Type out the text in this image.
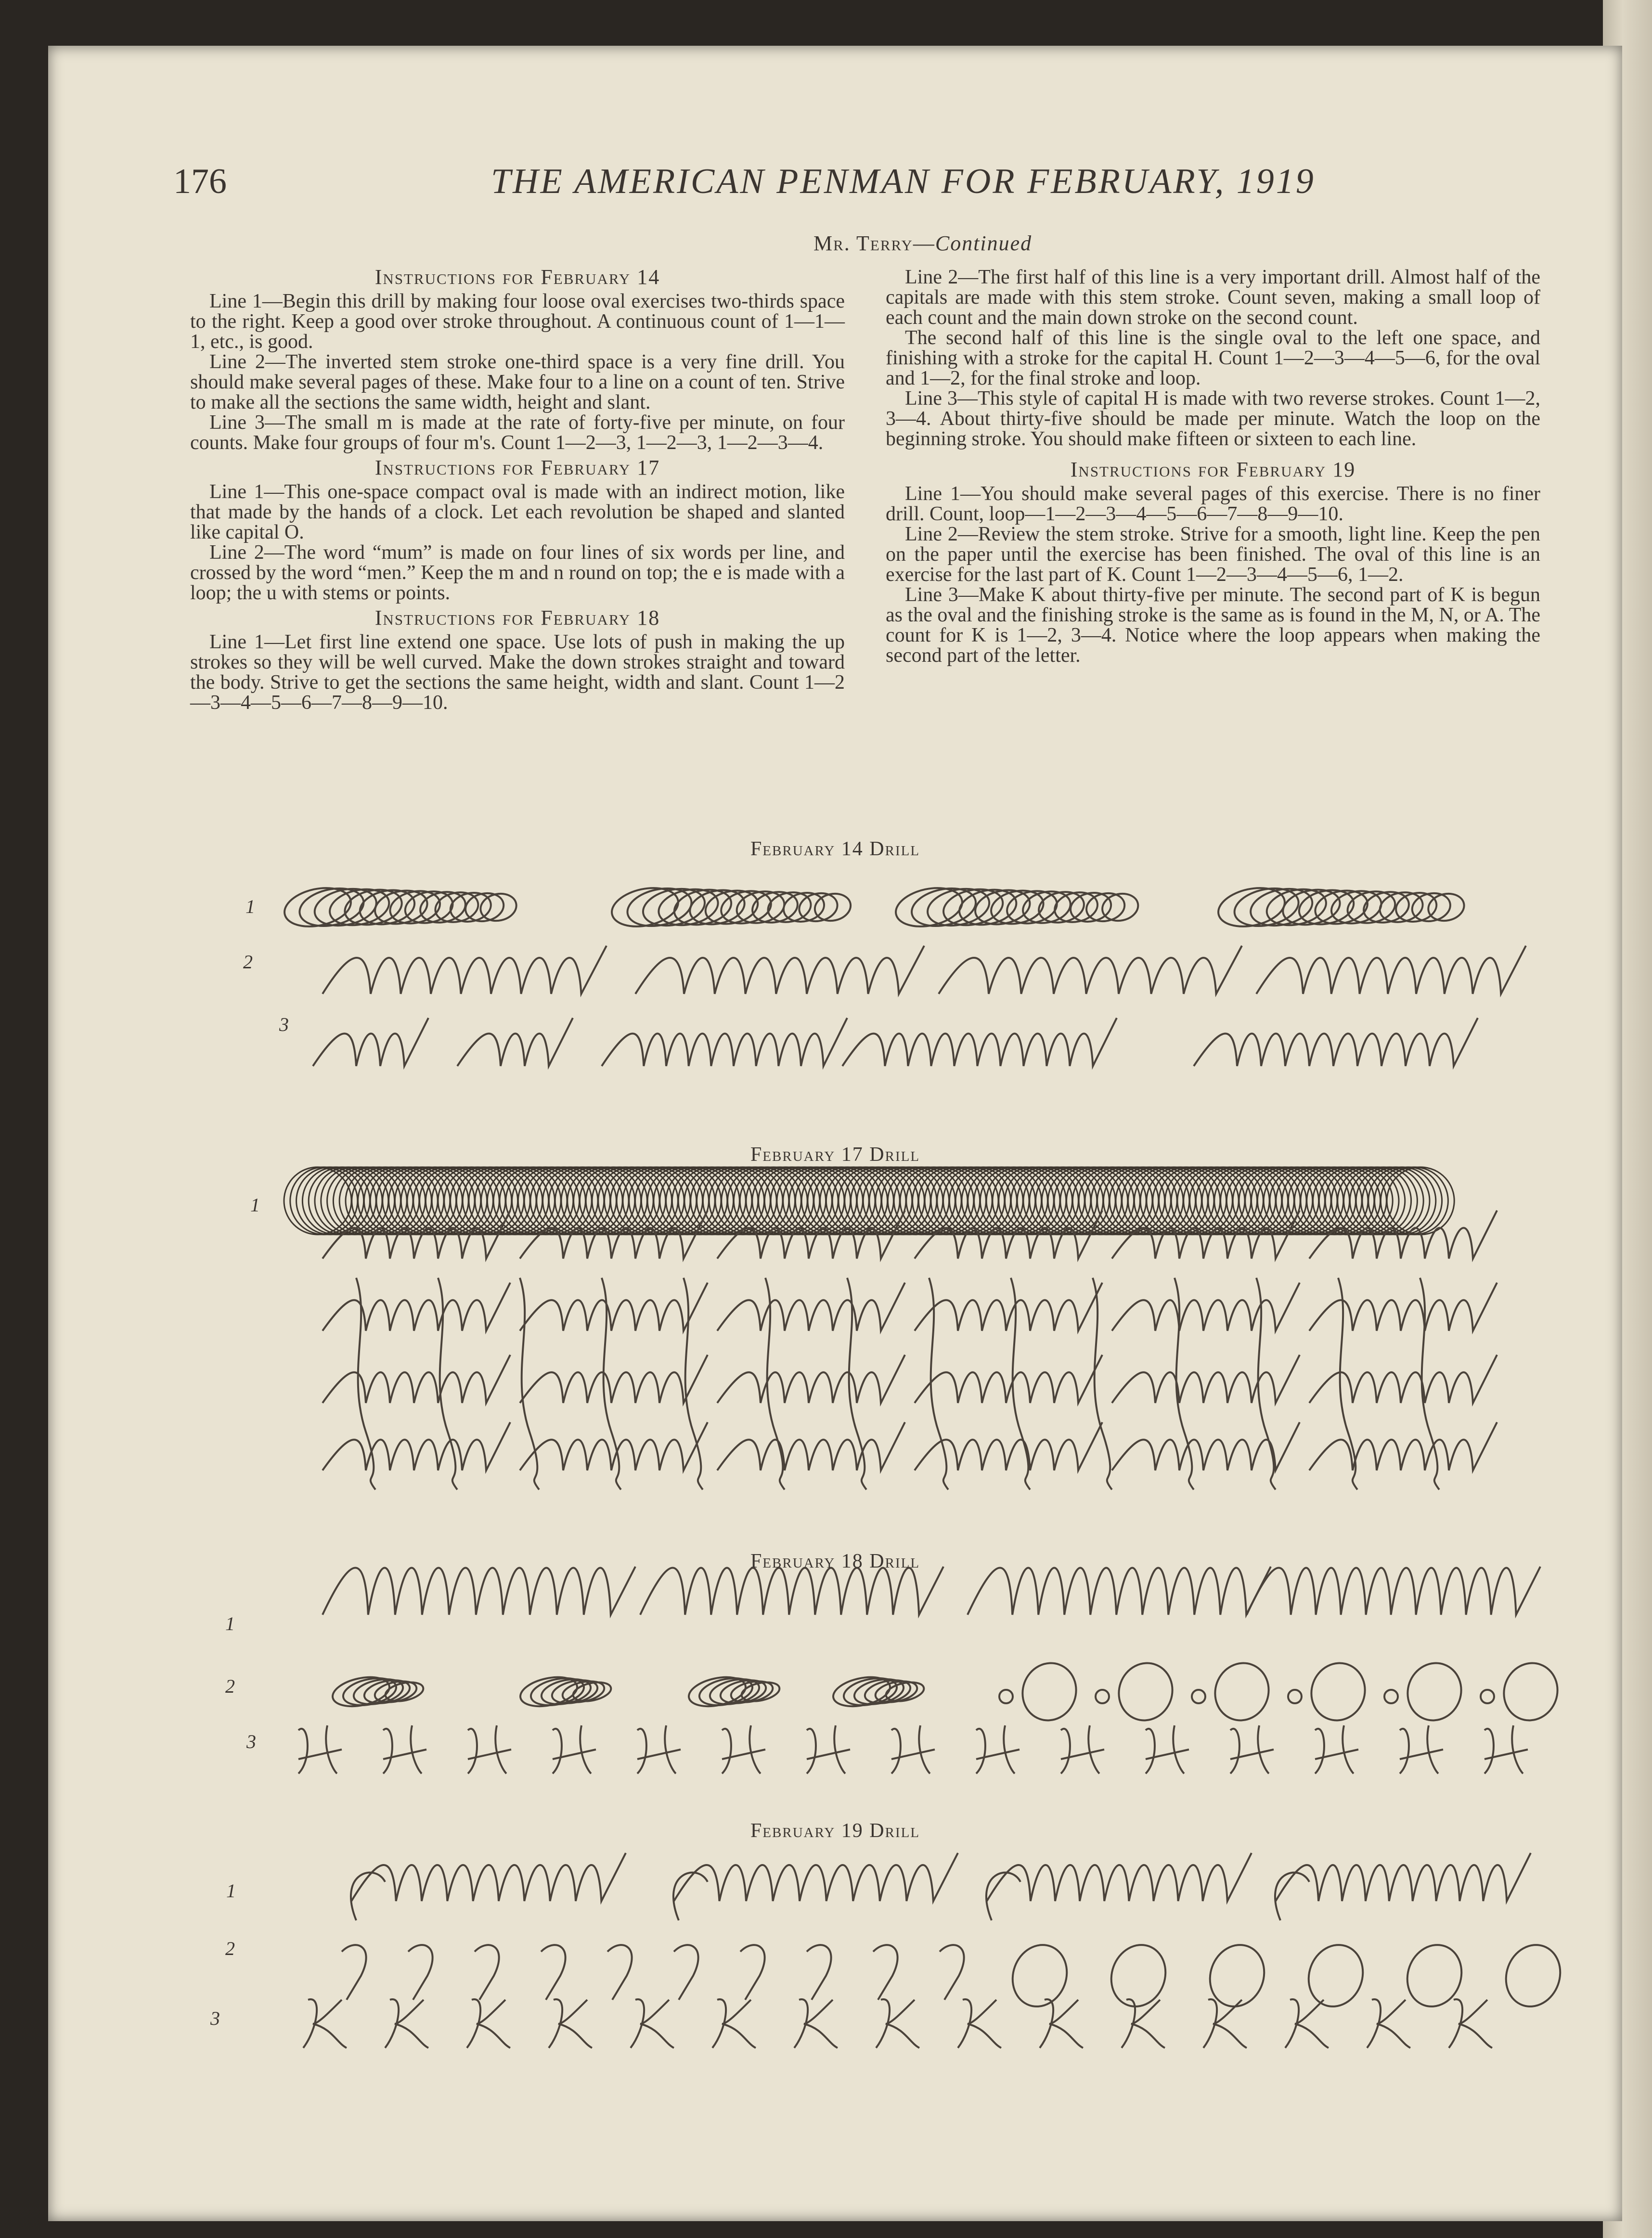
176	THE AMERICAN PENMAN FOR FEBRUARY, 1919
Mr. Terry—Continued
Instructions for February 14

Line 1—Begin this drill by making four loose oval exercises two-thirds space to the right. Keep a good over stroke throughout. A continuous count of 1—1—1, etc., is good.

Line 2—The inverted stem stroke one-third space is a very fine drill. You should make several pages of these. Make four to a line on a count of ten. Strive to make all the sections the same width, height and slant.

Line 3—The small m is made at the rate of forty-five per minute, on four counts. Make four groups of four m's. Count 1—2—3, 1—2—3, 1—2—3—4.

Instructions for February 17

Line 1—This one-space compact oval is made with an indirect motion, like that made by the hands of a clock. Let each revolution be shaped and slanted like capital O.

Line 2—The word “mum” is made on four lines of six words per line, and crossed by the word “men.” Keep the m and n round on top; the e is made with a loop; the u with stems or points.

Instructions for February 18

Line 1—Let first line extend one space. Use lots of push in making the up strokes so they will be well curved. Make the down strokes straight and toward the body. Strive to get the sections the same height, width and slant. Count 1—2—3—4—5—6—7—8—9—10.

Line 2—The first half of this line is a very important drill. Almost half of the capitals are made with this stem stroke. Count seven, making a small loop of each count and the main down stroke on the second count.

The second half of this line is the single oval to the left one space, and finishing with a stroke for the capital H. Count 1—2—3—4—5—6, for the oval and 1—2, for the final stroke and loop.

Line 3—This style of capital H is made with two reverse strokes. Count 1—2, 3—4. About thirty-five should be made per minute. Watch the loop on the beginning stroke. You should make fifteen or sixteen to each line.

Instructions for February 19

Line 1—You should make several pages of this exercise. There is no finer drill. Count, loop—1—2—3—4—5—6—7—8—9—10.

Line 2—Review the stem stroke. Strive for a smooth, light line. Keep the pen on the paper until the exercise has been finished. The oval of this line is an exercise for the last part of K. Count 1—2—3—4—5—6, 1—2.

Line 3—Make K about thirty-five per minute. The second part of K is begun as the oval and the finishing stroke is the same as is found in the M, N, or A. The count for K is 1—2, 3—4. Notice where the loop appears when making the second part of the letter.

February 14 Drill
1
2
3
February 17 Drill
1
February 18 Drill
1
2
3
February 19 Drill
1
2
3
